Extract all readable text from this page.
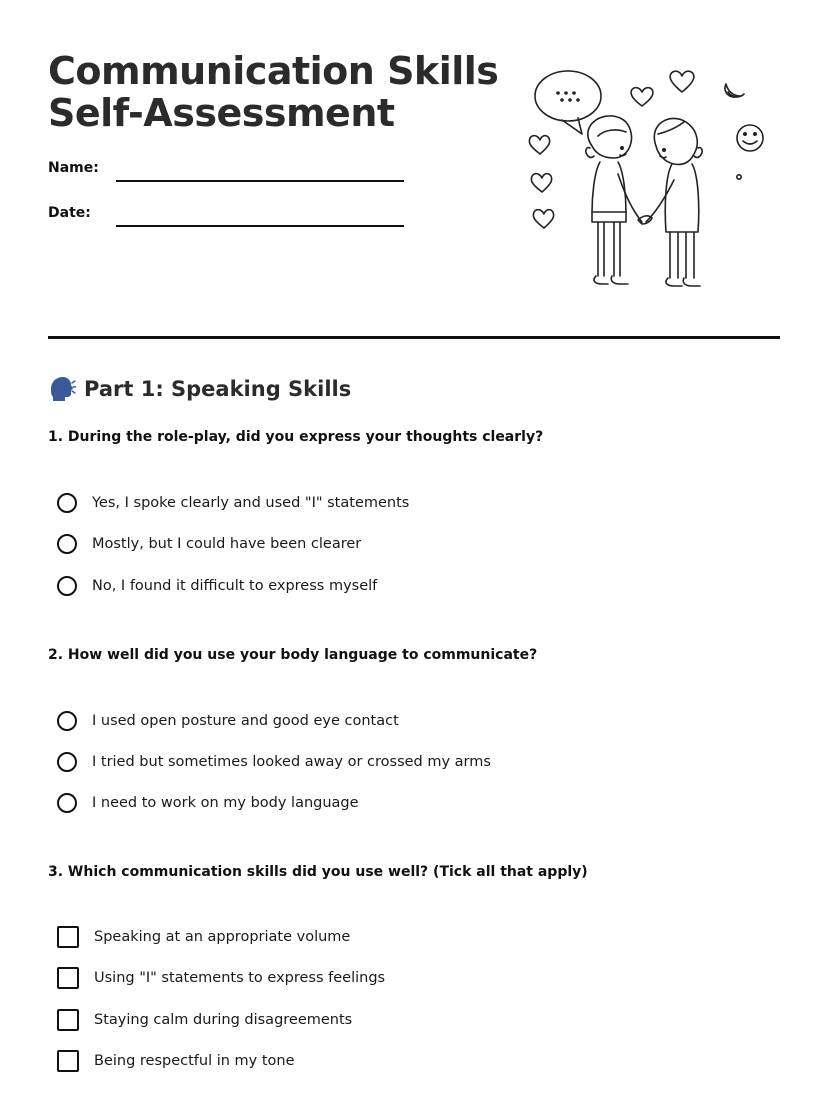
Communication Skills
Self-Assessment
Name:
Date:
Part 1: Speaking Skills
1. During the role-play, did you express your thoughts clearly?
Yes, I spoke clearly and used "I" statements
Mostly, but I could have been clearer
No, I found it difficult to express myself
2. How well did you use your body language to communicate?
I used open posture and good eye contact
I tried but sometimes looked away or crossed my arms
I need to work on my body language
3. Which communication skills did you use well? (Tick all that apply)
Speaking at an appropriate volume
Using "I" statements to express feelings
Staying calm during disagreements
Being respectful in my tone
